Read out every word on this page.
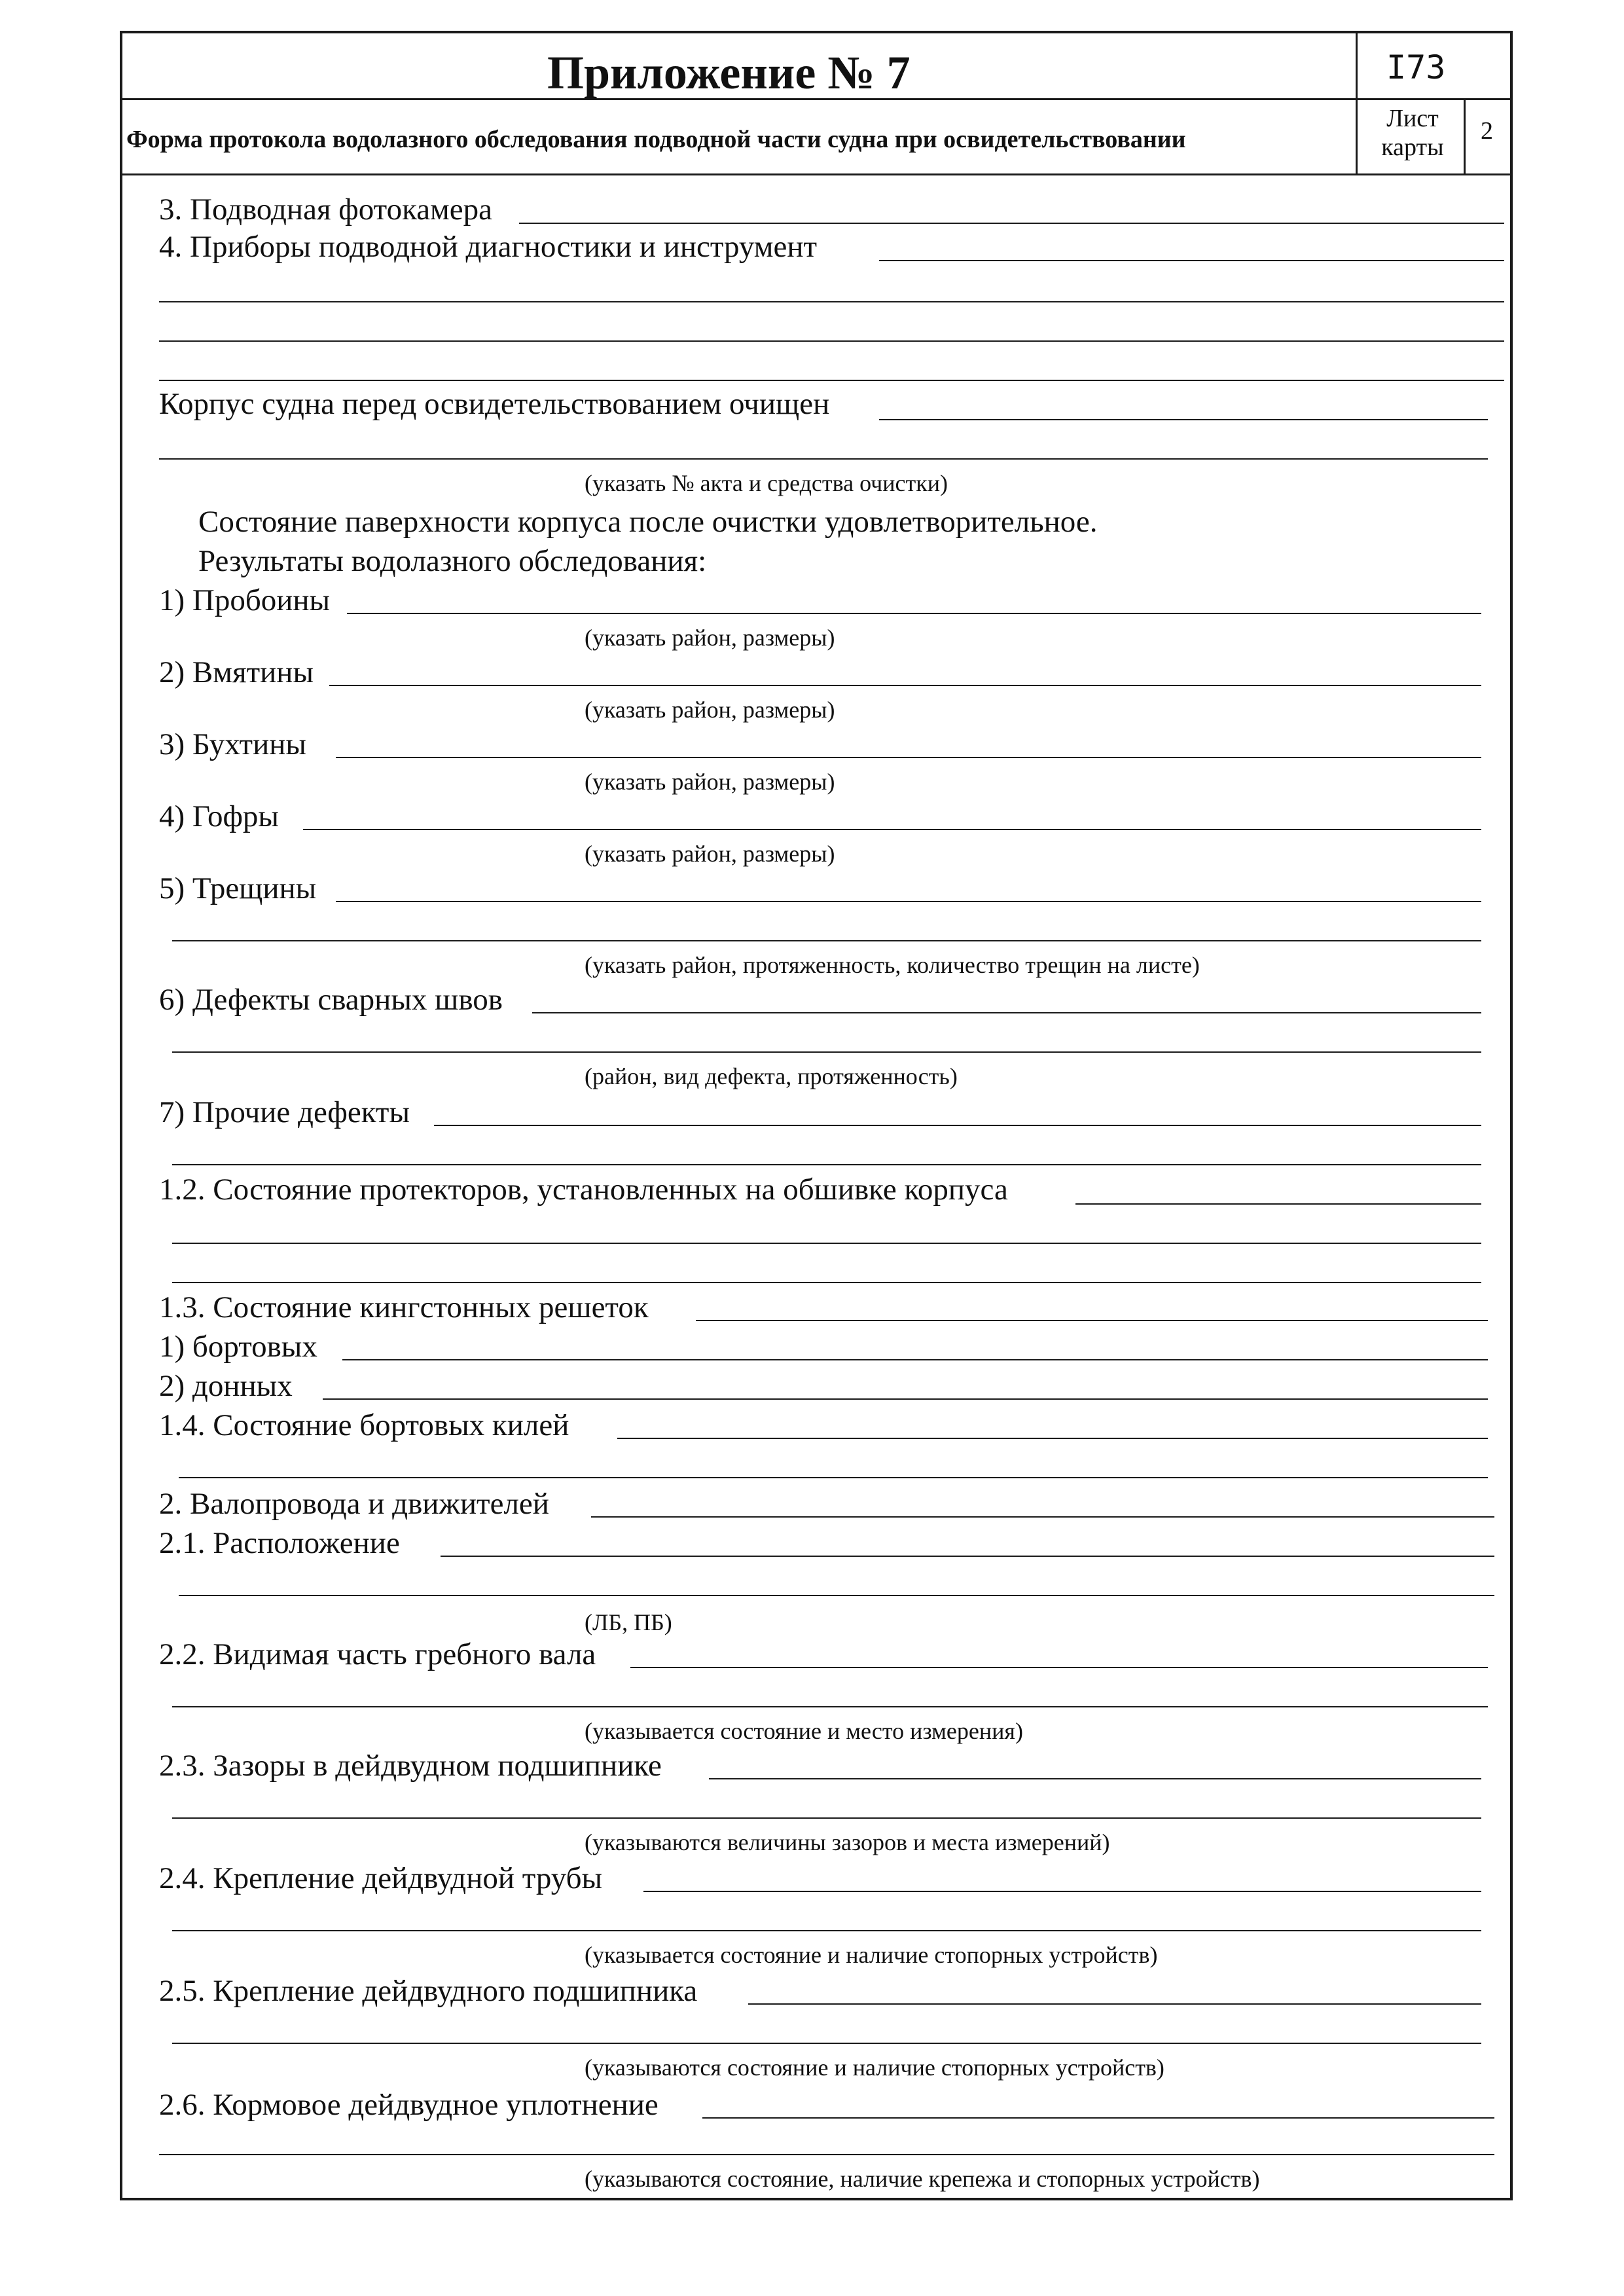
Приложение № 7
Форма протокола водолазного обследования подводной части судна при освидетельствовании
I73
Лист карты
2
3. Подводная фотокамера
4. Приборы подводной диагностики и инструмент
Корпус судна перед освидетельствованием очищен
(указать № акта и средства очистки)
Состояние паверхности корпуса после очистки удовлетворительное.
Результаты водолазного обследования:
1) Пробоины
(указать район, размеры)
2) Вмятины
(указать район, размеры)
3) Бухтины
(указать район, размеры)
4) Гофры
(указать район, размеры)
5) Трещины
(указать район, протяженность, количество трещин на листе)
6) Дефекты сварных швов
(район, вид дефекта, протяженность)
7) Прочие дефекты
1.2. Состояние протекторов, установленных на обшивке корпуса
1.3. Состояние кингстонных решеток
1) бортовых
2) донных
1.4. Состояние бортовых килей
2. Валопровода и движителей
2.1. Расположение
(ЛБ, ПБ)
2.2. Видимая часть гребного вала
(указывается состояние и место измерения)
2.3. Зазоры в дейдвудном подшипнике
(указываются величины зазоров и места измерений)
2.4. Крепление дейдвудной трубы
(указывается состояние и наличие стопорных устройств)
2.5. Крепление дейдвудного подшипника
(указываются состояние и наличие стопорных устройств)
2.6. Кормовое дейдвудное уплотнение
(указываются состояние, наличие крепежа и стопорных устройств)
